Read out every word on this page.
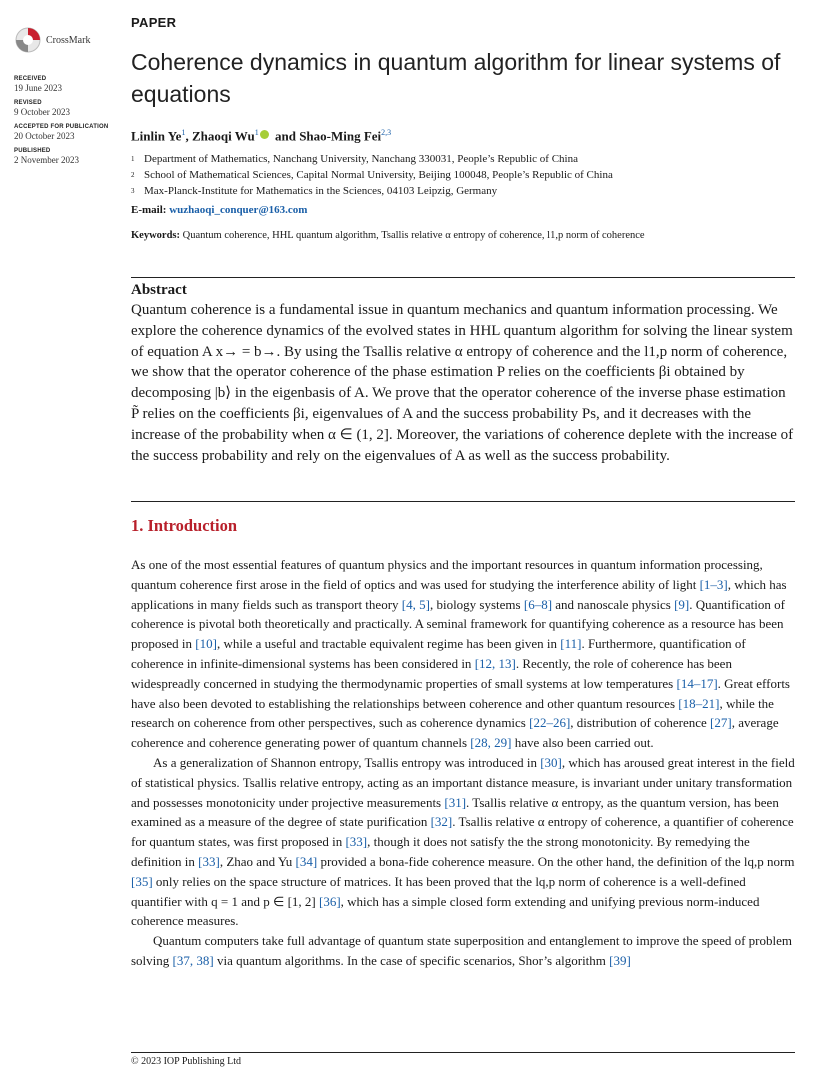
CrossMark
RECEIVED
19 June 2023
REVISED
9 October 2023
ACCEPTED FOR PUBLICATION
20 October 2023
PUBLISHED
2 November 2023
PAPER
Coherence dynamics in quantum algorithm for linear systems of equations
Linlin Ye$^1$, Zhaoqi Wu$^1$ and Shao-Ming Fei$^{2,3}$
1 Department of Mathematics, Nanchang University, Nanchang 330031, People’s Republic of China
2 School of Mathematical Sciences, Capital Normal University, Beijing 100048, People’s Republic of China
3 Max-Planck-Institute for Mathematics in the Sciences, 04103 Leipzig, Germany
E-mail: wuzhaoqi_conquer@163.com
Keywords: Quantum coherence, HHL quantum algorithm, Tsallis relative α entropy of coherence, l1,p norm of coherence
Abstract

Quantum coherence is a fundamental issue in quantum mechanics and quantum information processing. We explore the coherence dynamics of the evolved states in HHL quantum algorithm for solving the linear system of equation A x→ = b→. By using the Tsallis relative α entropy of coherence and the l1,p norm of coherence, we show that the operator coherence of the phase estimation P relies on the coefficients βi obtained by decomposing |b⟩ in the eigenbasis of A. We prove that the operator coherence of the inverse phase estimation P̃ relies on the coefficients βi, eigenvalues of A and the success probability Ps, and it decreases with the increase of the probability when α ∈ (1, 2]. Moreover, the variations of coherence deplete with the increase of the success probability and rely on the eigenvalues of A as well as the success probability.

1. Introduction

As one of the most essential features of quantum physics and the important resources in quantum information processing, quantum coherence first arose in the field of optics and was used for studying the interference ability of light [1–3], which has applications in many fields such as transport theory [4, 5], biology systems [6–8] and nanoscale physics [9]. Quantification of coherence is pivotal both theoretically and practically. A seminal framework for quantifying coherence as a resource has been proposed in [10], while a useful and tractable equivalent regime has been given in [11]. Furthermore, quantification of coherence in infinite-dimensional systems has been considered in [12, 13]. Recently, the role of coherence has been widespreadly concerned in studying the thermodynamic properties of small systems at low temperatures [14–17]. Great efforts have also been devoted to establishing the relationships between coherence and other quantum resources [18–21], while the research on coherence from other perspectives, such as coherence dynamics [22–26], distribution of coherence [27], average coherence and coherence generating power of quantum channels [28, 29] have also been carried out.

As a generalization of Shannon entropy, Tsallis entropy was introduced in [30], which has aroused great interest in the field of statistical physics. Tsallis relative entropy, acting as an important distance measure, is invariant under unitary transformation and possesses monotonicity under projective measurements [31]. Tsallis relative α entropy, as the quantum version, has been examined as a measure of the degree of state purification [32]. Tsallis relative α entropy of coherence, a quantifier of coherence for quantum states, was first proposed in [33], though it does not satisfy the the strong monotonicity. By remedying the definition in [33], Zhao and Yu [34] provided a bona-fide coherence measure. On the other hand, the definition of the lq,p norm [35] only relies on the space structure of matrices. It has been proved that the lq,p norm of coherence is a well-defined quantifier with q = 1 and p ∈ [1, 2] [36], which has a simple closed form extending and unifying previous norm-induced coherence measures.

Quantum computers take full advantage of quantum state superposition and entanglement to improve the speed of problem solving [37, 38] via quantum algorithms. In the case of specific scenarios, Shor’s algorithm [39]

© 2023 IOP Publishing Ltd
